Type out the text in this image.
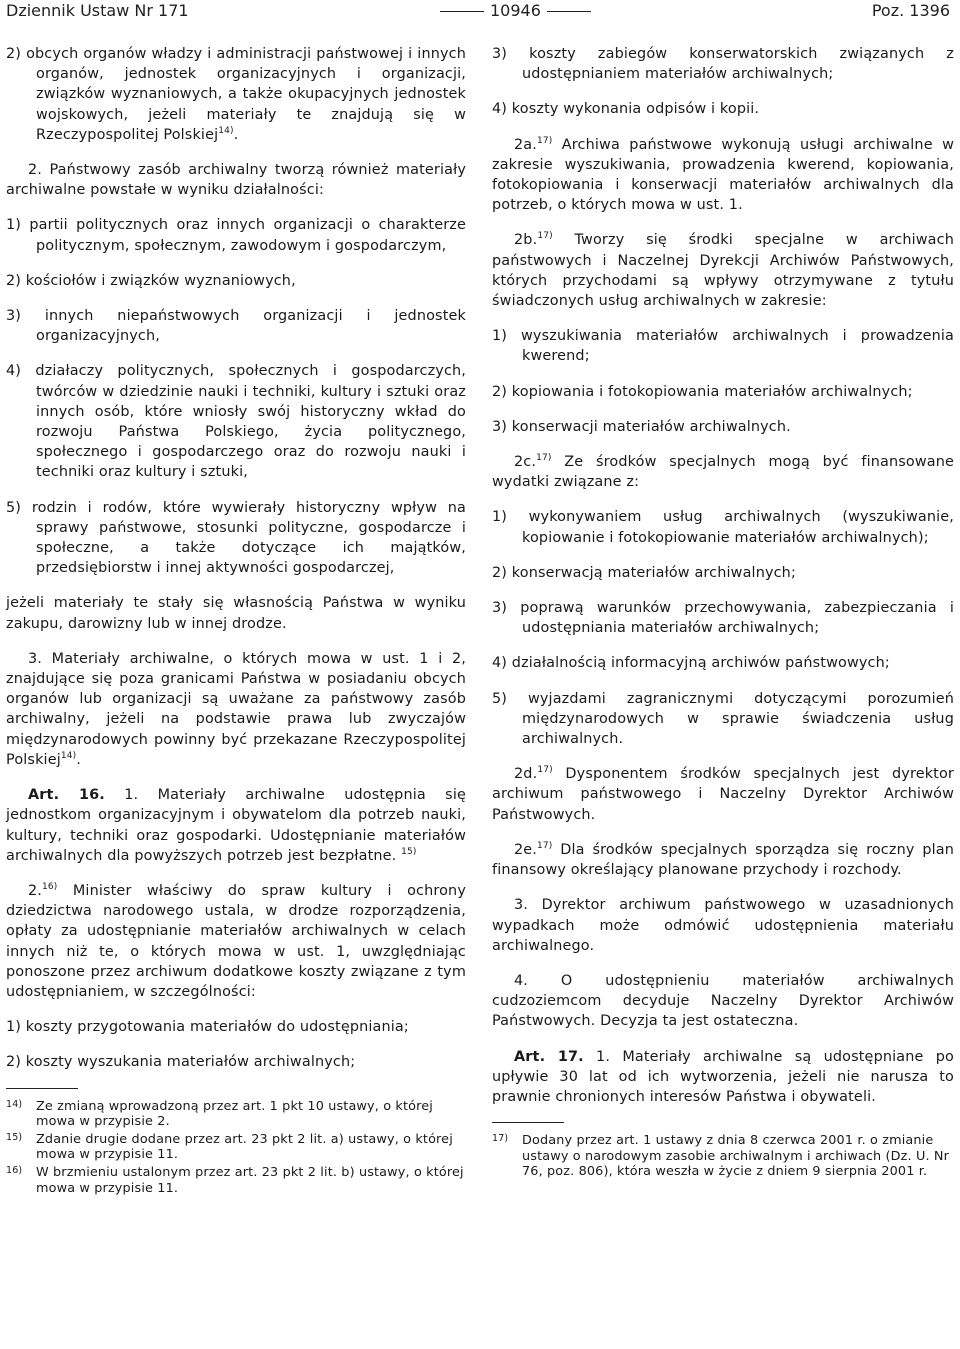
Dziennik Ustaw Nr 171	10946	Poz. 1396

2) obcych organów władzy i administracji państwowej i innych organów, jednostek organizacyjnych i organizacji, związków wyznaniowych, a także okupacyjnych jednostek wojskowych, jeżeli materiały te znajdują się w Rzeczypospolitej Polskiej$^{14)}$.

2. Państwowy zasób archiwalny tworzą również materiały archiwalne powstałe w wyniku działalności:

1) partii politycznych oraz innych organizacji o charakterze politycznym, społecznym, zawodowym i gospodarczym,

2) kościołów i związków wyznaniowych,

3) innych niepaństwowych organizacji i jednostek organizacyjnych,

4) działaczy politycznych, społecznych i gospodarczych, twórców w dziedzinie nauki i techniki, kultury i sztuki oraz innych osób, które wniosły swój historyczny wkład do rozwoju Państwa Polskiego, życia politycznego, społecznego i gospodarczego oraz do rozwoju nauki i techniki oraz kultury i sztuki,

5) rodzin i rodów, które wywierały historyczny wpływ na sprawy państwowe, stosunki polityczne, gospodarcze i społeczne, a także dotyczące ich majątków, przedsiębiorstw i innej aktywności gospodarczej,

jeżeli materiały te stały się własnością Państwa w wyniku zakupu, darowizny lub w innej drodze.

3. Materiały archiwalne, o których mowa w ust. 1 i 2, znajdujące się poza granicami Państwa w posiadaniu obcych organów lub organizacji są uważane za państwowy zasób archiwalny, jeżeli na podstawie prawa lub zwyczajów międzynarodowych powinny być przekazane Rzeczypospolitej Polskiej$^{14)}$.

Art. 16. 1. Materiały archiwalne udostępnia się jednostkom organizacyjnym i obywatelom dla potrzeb nauki, kultury, techniki oraz gospodarki. Udostępnianie materiałów archiwalnych dla powyższych potrzeb jest bezpłatne. $^{15)}$

2.$^{16)}$ Minister właściwy do spraw kultury i ochrony dziedzictwa narodowego ustala, w drodze rozporządzenia, opłaty za udostępnianie materiałów archiwalnych w celach innych niż te, o których mowa w ust. 1, uwzględniając ponoszone przez archiwum dodatkowe koszty związane z tym udostępnianiem, w szczególności:

1) koszty przygotowania materiałów do udostępniania;

2) koszty wyszukania materiałów archiwalnych;

14) Ze zmianą wprowadzoną przez art. 1 pkt 10 ustawy, o której mowa w przypisie 2.

15) Zdanie drugie dodane przez art. 23 pkt 2 lit. a) ustawy, o której mowa w przypisie 11.

16) W brzmieniu ustalonym przez art. 23 pkt 2 lit. b) ustawy, o której mowa w przypisie 11.

3) koszty zabiegów konserwatorskich związanych z udostępnianiem materiałów archiwalnych;

4) koszty wykonania odpisów i kopii.

2a.$^{17)}$ Archiwa państwowe wykonują usługi archiwalne w zakresie wyszukiwania, prowadzenia kwerend, kopiowania, fotokopiowania i konserwacji materiałów archiwalnych dla potrzeb, o których mowa w ust. 1.

2b.$^{17)}$ Tworzy się środki specjalne w archiwach państwowych i Naczelnej Dyrekcji Archiwów Państwowych, których przychodami są wpływy otrzymywane z tytułu świadczonych usług archiwalnych w zakresie:

1) wyszukiwania materiałów archiwalnych i prowadzenia kwerend;

2) kopiowania i fotokopiowania materiałów archiwalnych;

3) konserwacji materiałów archiwalnych.

2c.$^{17)}$ Ze środków specjalnych mogą być finansowane wydatki związane z:

1) wykonywaniem usług archiwalnych (wyszukiwanie, kopiowanie i fotokopiowanie materiałów archiwalnych);

2) konserwacją materiałów archiwalnych;

3) poprawą warunków przechowywania, zabezpieczania i udostępniania materiałów archiwalnych;

4) działalnością informacyjną archiwów państwowych;

5) wyjazdami zagranicznymi dotyczącymi porozumień międzynarodowych w sprawie świadczenia usług archiwalnych.

2d.$^{17)}$ Dysponentem środków specjalnych jest dyrektor archiwum państwowego i Naczelny Dyrektor Archiwów Państwowych.

2e.$^{17)}$ Dla środków specjalnych sporządza się roczny plan finansowy określający planowane przychody i rozchody.

3. Dyrektor archiwum państwowego w uzasadnionych wypadkach może odmówić udostępnienia materiału archiwalnego.

4. O udostępnieniu materiałów archiwalnych cudzoziemcom decyduje Naczelny Dyrektor Archiwów Państwowych. Decyzja ta jest ostateczna.

Art. 17. 1. Materiały archiwalne są udostępniane po upływie 30 lat od ich wytworzenia, jeżeli nie narusza to prawnie chronionych interesów Państwa i obywateli.

17) Dodany przez art. 1 ustawy z dnia 8 czerwca 2001 r. o zmianie ustawy o narodowym zasobie archiwalnym i archiwach (Dz. U. Nr 76, poz. 806), która weszła w życie z dniem 9 sierpnia 2001 r.
